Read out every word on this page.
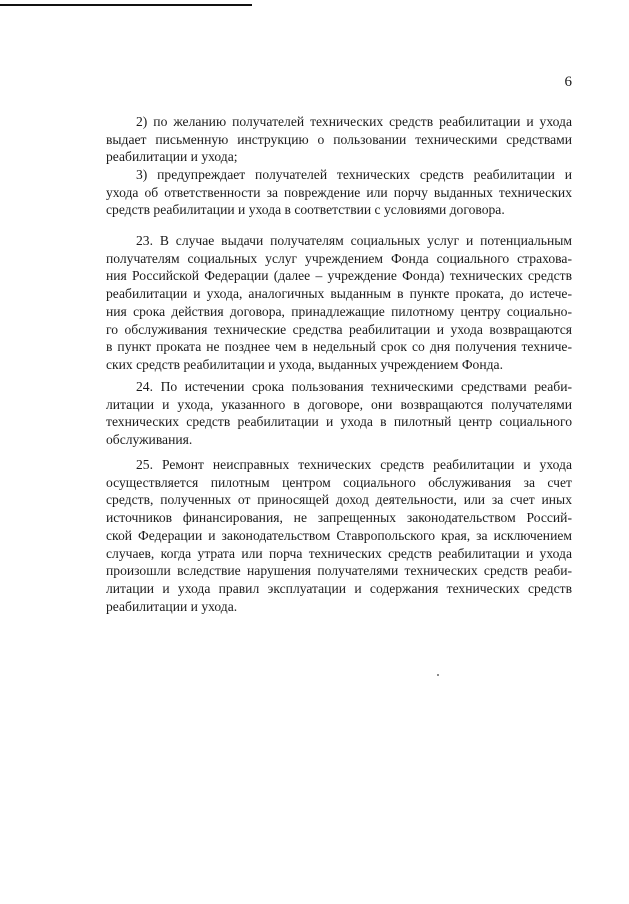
6
2) по желанию получателей технических средств реабилитации и ухода
выдает письменную инструкцию о пользовании техническими средствами
реабилитации и ухода;
3) предупреждает получателей технических средств реабилитации и
ухода об ответственности за повреждение или порчу выданных технических
средств реабилитации и ухода в соответствии с условиями договора.
23. В случае выдачи получателям социальных услуг и потенциальным
получателям социальных услуг учреждением Фонда социального страхова-
ния Российской Федерации (далее – учреждение Фонда) технических средств
реабилитации и ухода, аналогичных выданным в пункте проката, до истече-
ния срока действия договора, принадлежащие пилотному центру социально-
го обслуживания технические средства реабилитации и ухода возвращаются
в пункт проката не позднее чем в недельный срок со дня получения техниче-
ских средств реабилитации и ухода, выданных учреждением Фонда.
24. По истечении срока пользования техническими средствами реаби-
литации и ухода, указанного в договоре, они возвращаются получателями
технических средств реабилитации и ухода в пилотный центр социального
обслуживания.
25. Ремонт неисправных технических средств реабилитации и ухода
осуществляется пилотным центром социального обслуживания за счет
средств, полученных от приносящей доход деятельности, или за счет иных
источников финансирования, не запрещенных законодательством Россий-
ской Федерации и законодательством Ставропольского края, за исключением
случаев, когда утрата или порча технических средств реабилитации и ухода
произошли вследствие нарушения получателями технических средств реаби-
литации и ухода правил эксплуатации и содержания технических средств
реабилитации и ухода.
